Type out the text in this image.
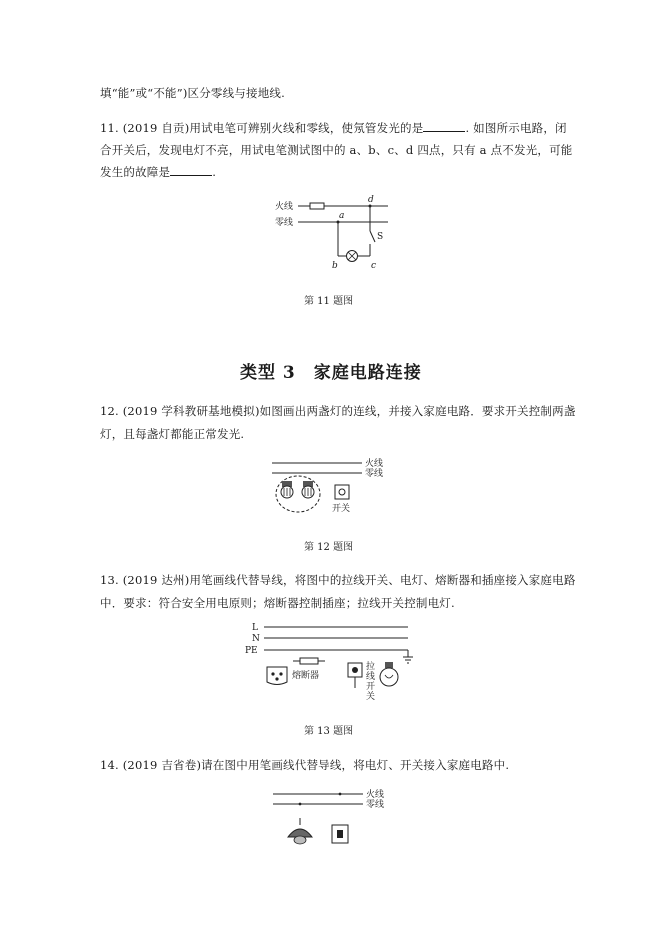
填“能”或“不能”)区分零线与接地线.
11. (2019 自贡)用试电笔可辨别火线和零线，使氖管发光的是	. 如图所示电路，闭
合开关后，发现电灯不亮，用试电笔测试图中的 a、b、c、d 四点，只有 a 点不发光，可能
发生的故障是	.
火线
零线
a
b	c
d
S
第 11 题图
类型 3　家庭电路连接
12. (2019 学科教研基地模拟)如图画出两盏灯的连线，并接入家庭电路．要求开关控制两盏
灯，且每盏灯都能正常发光.
火线
零线
开关
第 12 题图
13. (2019 达州)用笔画线代替导线，将图中的拉线开关、电灯、熔断器和插座接入家庭电路
中．要求：符合安全用电原则；熔断器控制插座；拉线开关控制电灯.
L
N
PE
熔断器
拉
线
开
关
第 13 题图
14. (2019 吉省卷)请在图中用笔画线代替导线，将电灯、开关接入家庭电路中.
火线
零线
